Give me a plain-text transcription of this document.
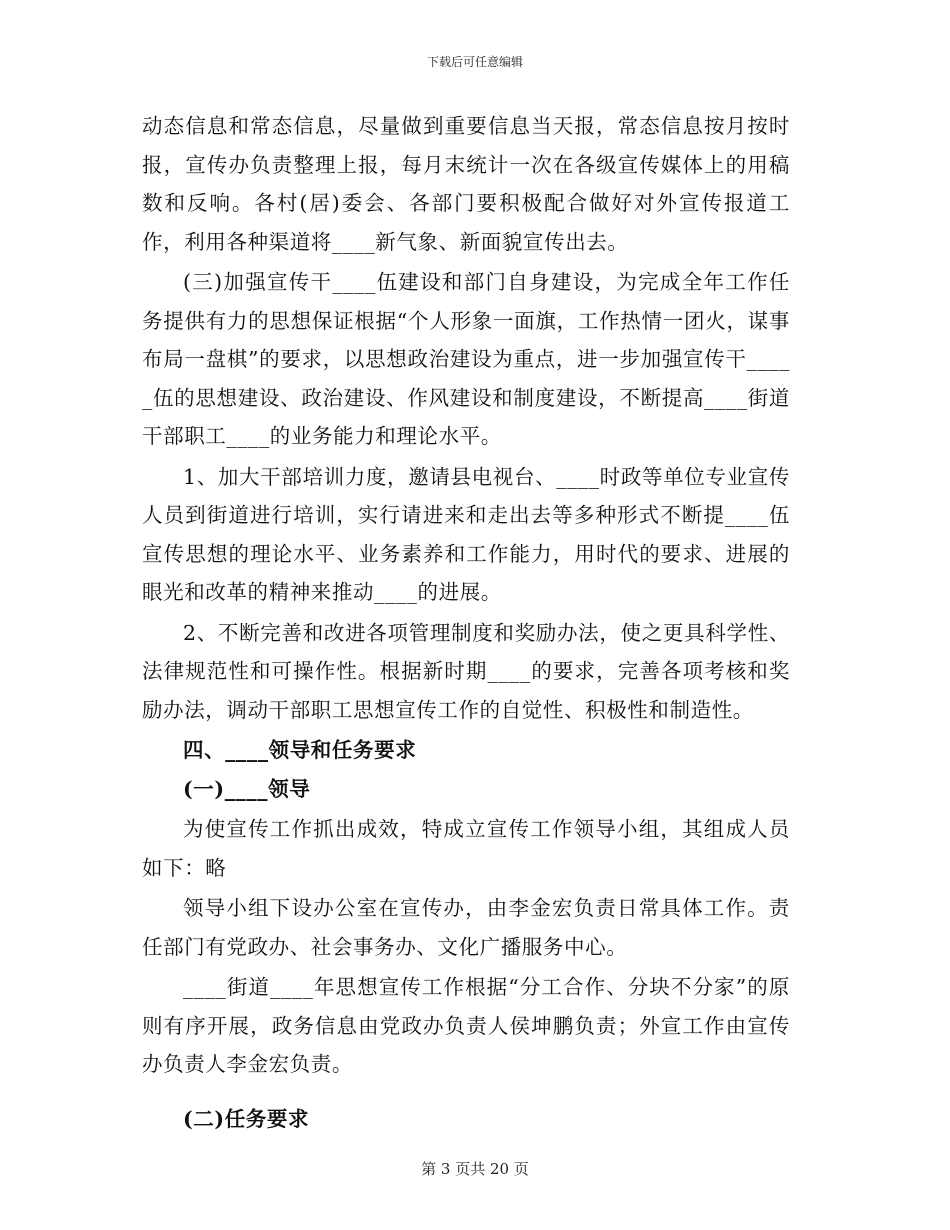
下载后可任意编辑

动态信息和常态信息，尽量做到重要信息当天报，常态信息按月按时报，宣传办负责整理上报，每月末统计一次在各级宣传媒体上的用稿数和反响。各村(居)委会、各部门要积极配合做好对外宣传报道工作，利用各种渠道将____新气象、新面貌宣传出去。

(三)加强宣传干____伍建设和部门自身建设，为完成全年工作任务提供有力的思想保证根据“个人形象一面旗，工作热情一团火，谋事布局一盘棋”的要求，以思想政治建设为重点，进一步加强宣传干_____伍的思想建设、政治建设、作风建设和制度建设，不断提高____街道干部职工____的业务能力和理论水平。

1、加大干部培训力度，邀请县电视台、____时政等单位专业宣传人员到街道进行培训，实行请进来和走出去等多种形式不断提____伍宣传思想的理论水平、业务素养和工作能力，用时代的要求、进展的眼光和改革的精神来推动____的进展。

2、不断完善和改进各项管理制度和奖励办法，使之更具科学性、法律规范性和可操作性。根据新时期____的要求，完善各项考核和奖励办法，调动干部职工思想宣传工作的自觉性、积极性和制造性。

四、____领导和任务要求

(一)____领导

为使宣传工作抓出成效，特成立宣传工作领导小组，其组成人员如下：略

领导小组下设办公室在宣传办，由李金宏负责日常具体工作。责任部门有党政办、社会事务办、文化广播服务中心。

____街道____年思想宣传工作根据“分工合作、分块不分家”的原则有序开展，政务信息由党政办负责人侯坤鹏负责；外宣工作由宣传办负责人李金宏负责。

(二)任务要求

第 3 页共 20 页
